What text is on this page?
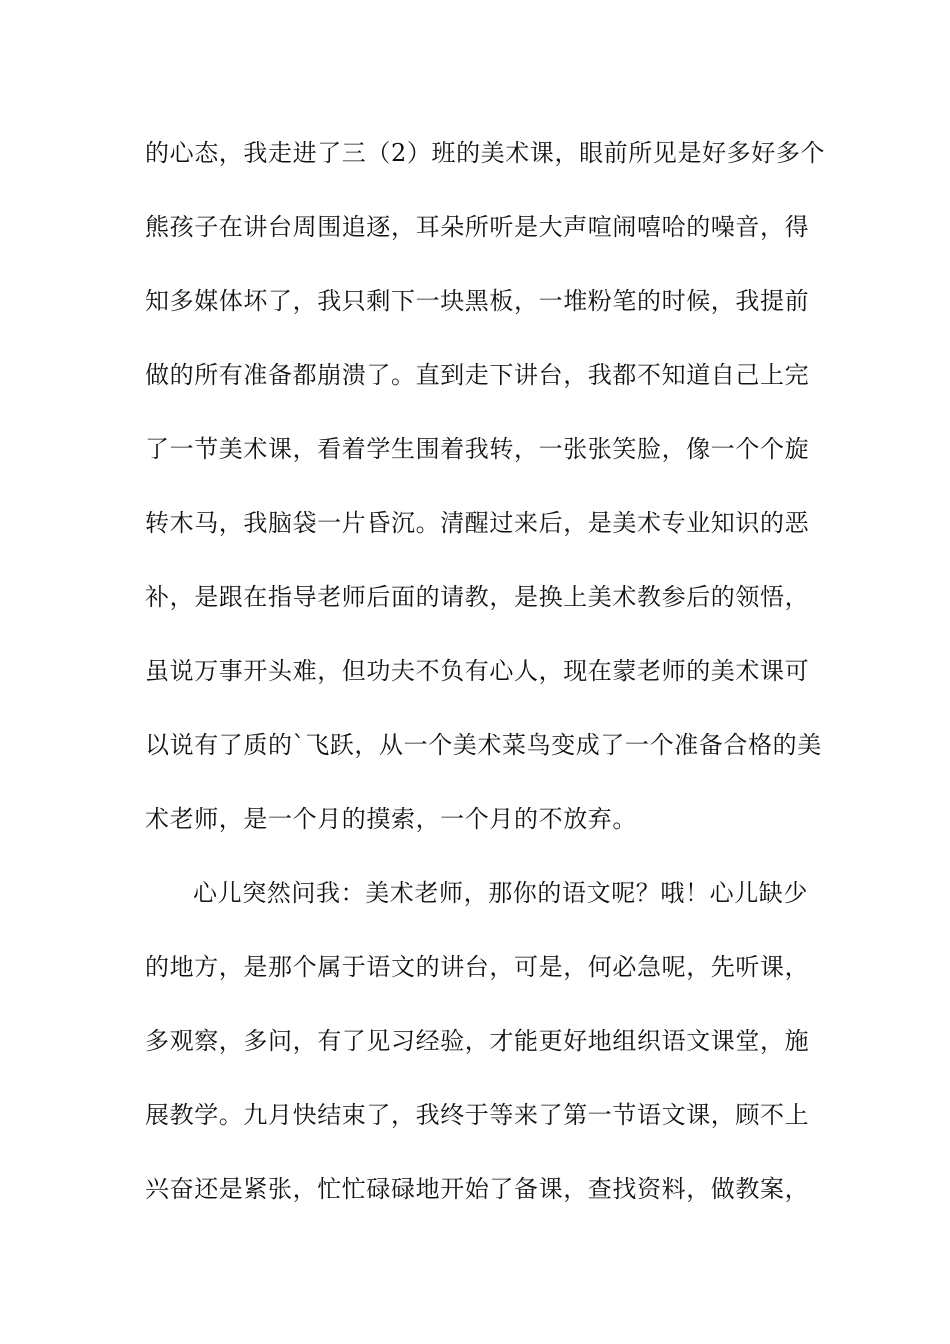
的心态，我走进了三（2）班的美术课，眼前所见是好多好多个
熊孩子在讲台周围追逐，耳朵所听是大声喧闹嘻哈的噪音，得
知多媒体坏了，我只剩下一块黑板，一堆粉笔的时候，我提前
做的所有准备都崩溃了。直到走下讲台，我都不知道自己上完
了一节美术课，看着学生围着我转，一张张笑脸，像一个个旋
转木马，我脑袋一片昏沉。清醒过来后，是美术专业知识的恶
补，是跟在指导老师后面的请教，是换上美术教参后的领悟，
虽说万事开头难，但功夫不负有心人，现在蒙老师的美术课可
以说有了质的`飞跃，从一个美术菜鸟变成了一个准备合格的美
术老师，是一个月的摸索，一个月的不放弃。
心儿突然问我：美术老师，那你的语文呢？哦！心儿缺少
的地方，是那个属于语文的讲台，可是，何必急呢，先听课，
多观察，多问，有了见习经验，才能更好地组织语文课堂，施
展教学。九月快结束了，我终于等来了第一节语文课，顾不上
兴奋还是紧张，忙忙碌碌地开始了备课，查找资料，做教案，
